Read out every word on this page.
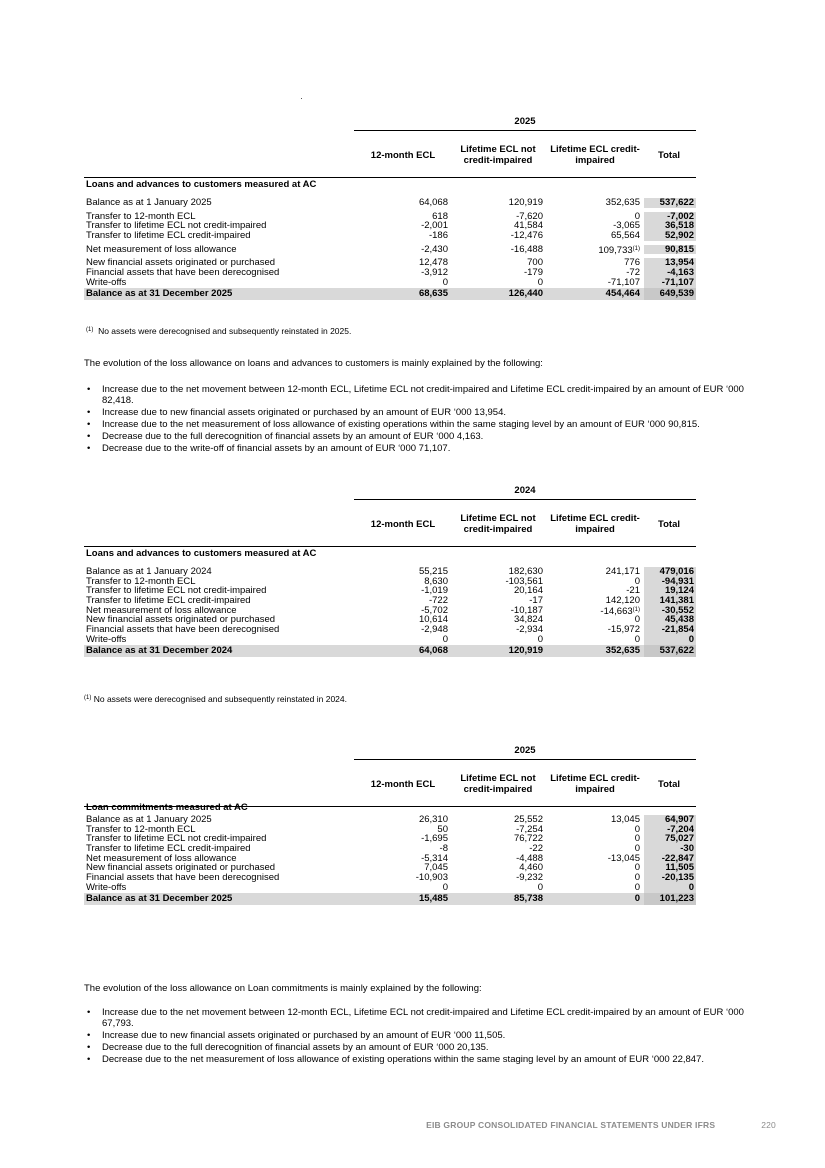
2025
12-month ECL	Lifetime ECL not credit-impaired
Lifetime ECL credit-impaired	Total
Loans and advances to customers measured at AC
Balance as at 1 January 2025	64,068	120,919	352,635	537,622
Transfer to 12-month ECL	618	-7,620	0	-7,002
Transfer to lifetime ECL not credit-impaired	-2,001	41,584	-3,065	36,518
Transfer to lifetime ECL credit-impaired	-186	-12,476	65,564	52,902
Net measurement of loss allowance	-2,430	-16,488	109,733$^{(1)}$	90,815
New financial assets originated or purchased	12,478	700	776	13,954
Financial assets that have been derecognised	-3,912	-179	-72	-4,163
Write-offs	0	0	-71,107	-71,107
Balance as at 31 December 2025	68,635	126,440	454,464	649,539
$^{(1)}$ No assets were derecognised and subsequently reinstated in 2025.
The evolution of the loss allowance on loans and advances to customers is mainly explained by the following:
• Increase due to the net movement between 12-month ECL, Lifetime ECL not credit-impaired and Lifetime ECL credit-impaired by an amount of EUR ‘000 82,418.
• Increase due to new financial assets originated or purchased by an amount of EUR ‘000 13,954.
• Increase due to the net measurement of loss allowance of existing operations within the same staging level by an amount of EUR ‘000 90,815.
• Decrease due to the full derecognition of financial assets by an amount of EUR ‘000 4,163.
• Decrease due to the write-off of financial assets by an amount of EUR ‘000 71,107.
2024
12-month ECL	Lifetime ECL not credit-impaired
Lifetime ECL credit-impaired	Total
Loans and advances to customers measured at AC
Balance as at 1 January 2024	55,215	182,630	241,171	479,016
Transfer to 12-month ECL	8,630	-103,561	0	-94,931
Transfer to lifetime ECL not credit-impaired	-1,019	20,164	-21	19,124
Transfer to lifetime ECL credit-impaired	-722	-17	142,120	141,381
Net measurement of loss allowance	-5,702	-10,187	-14,663$^{(1)}$	-30,552
New financial assets originated or purchased	10,614	34,824	0	45,438
Financial assets that have been derecognised	-2,948	-2,934	-15,972	-21,854
Write-offs	0	0	0	0
Balance as at 31 December 2024	64,068	120,919	352,635	537,622
$^{(1)}$ No assets were derecognised and subsequently reinstated in 2024.
2025
12-month ECL	Lifetime ECL not credit-impaired
Lifetime ECL credit-impaired	Total
Loan commitments measured at AC
Balance as at 1 January 2025	26,310	25,552	13,045	64,907
Transfer to 12-month ECL	50	-7,254	0	-7,204
Transfer to lifetime ECL not credit-impaired	-1,695	76,722	0	75,027
Transfer to lifetime ECL credit-impaired	-8	-22	0	-30
Net measurement of loss allowance	-5,314	-4,488	-13,045	-22,847
New financial assets originated or purchased	7,045	4,460	0	11,505
Financial assets that have been derecognised	-10,903	-9,232	0	-20,135
Write-offs	0	0	0	0
Balance as at 31 December 2025	15,485	85,738	0	101,223
The evolution of the loss allowance on Loan commitments is mainly explained by the following:
• Increase due to the net movement between 12-month ECL, Lifetime ECL not credit-impaired and Lifetime ECL credit-impaired by an amount of EUR ‘000 67,793.
• Increase due to new financial assets originated or purchased by an amount of EUR ‘000 11,505.
• Decrease due to the full derecognition of financial assets by an amount of EUR ‘000 20,135.
• Decrease due to the net measurement of loss allowance of existing operations within the same staging level by an amount of EUR ‘000 22,847.
EIB GROUP CONSOLIDATED FINANCIAL STATEMENTS UNDER IFRS	220
